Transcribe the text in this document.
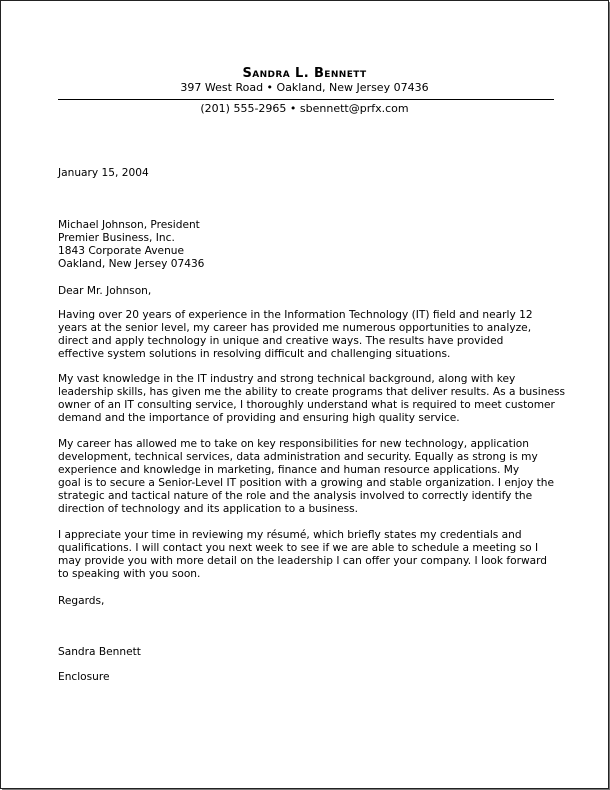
Sandra L. Bennett
397 West Road • Oakland, New Jersey 07436
(201) 555-2965 • sbennett@prfx.com
January 15, 2004
Michael Johnson, President
Premier Business, Inc.
1843 Corporate Avenue
Oakland, New Jersey 07436
Dear Mr. Johnson,
Having over 20 years of experience in the Information Technology (IT) field and nearly 12
years at the senior level, my career has provided me numerous opportunities to analyze,
direct and apply technology in unique and creative ways. The results have provided
effective system solutions in resolving difficult and challenging situations.
My vast knowledge in the IT industry and strong technical background, along with key
leadership skills, has given me the ability to create programs that deliver results. As a business
owner of an IT consulting service, I thoroughly understand what is required to meet customer
demand and the importance of providing and ensuring high quality service.
My career has allowed me to take on key responsibilities for new technology, application
development, technical services, data administration and security. Equally as strong is my
experience and knowledge in marketing, finance and human resource applications. My
goal is to secure a Senior-Level IT position with a growing and stable organization. I enjoy the
strategic and tactical nature of the role and the analysis involved to correctly identify the
direction of technology and its application to a business.
I appreciate your time in reviewing my résumé, which briefly states my credentials and
qualifications. I will contact you next week to see if we are able to schedule a meeting so I
may provide you with more detail on the leadership I can offer your company. I look forward
to speaking with you soon.
Regards,
Sandra Bennett
Enclosure
